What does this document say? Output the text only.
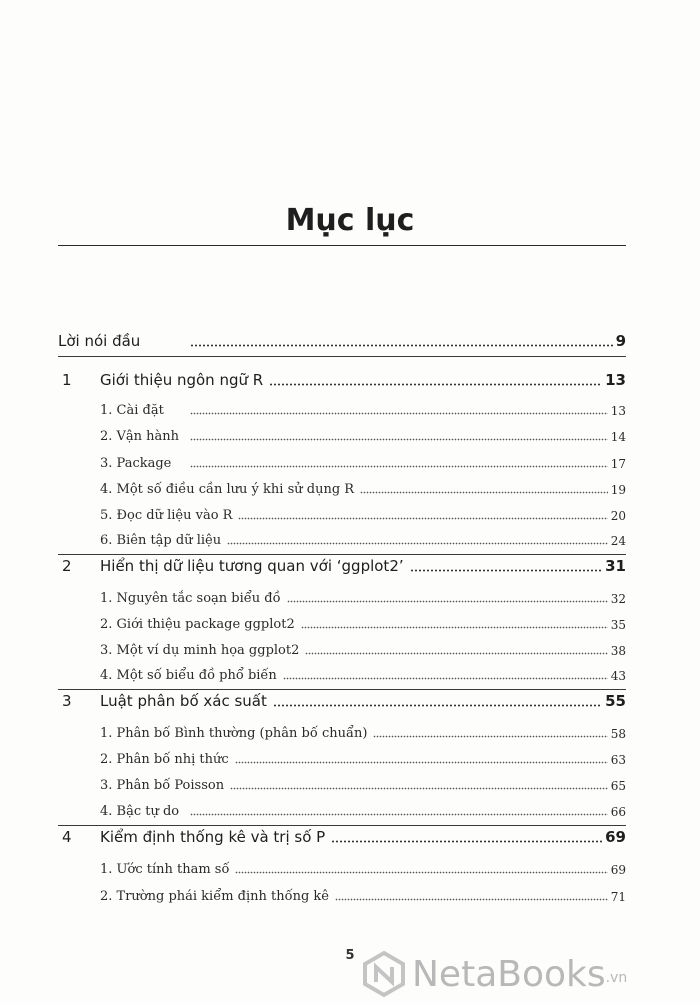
Mục lục
Lời nói đầu	9
1 Giới thiệu ngôn ngữ R	13
1. Cài đặt	13
2. Vận hành	14
3. Package	17
4. Một số điều cần lưu ý khi sử dụng R	19
5. Đọc dữ liệu vào R	20
6. Biên tập dữ liệu	24
2 Hiển thị dữ liệu tương quan với ‘ggplot2’	31
1. Nguyên tắc soạn biểu đồ	32
2. Giới thiệu package ggplot2	35
3. Một ví dụ minh họa ggplot2	38
4. Một số biểu đồ phổ biến	43
3 Luật phân bố xác suất	55
1. Phân bố Bình thường (phân bố chuẩn)	58
2. Phân bố nhị thức	63
3. Phân bố Poisson	65
4. Bậc tự do	66
4 Kiểm định thống kê và trị số P	69
1. Ước tính tham số	69
2. Trường phái kiểm định thống kê	71
5	NetaBooks .vn
